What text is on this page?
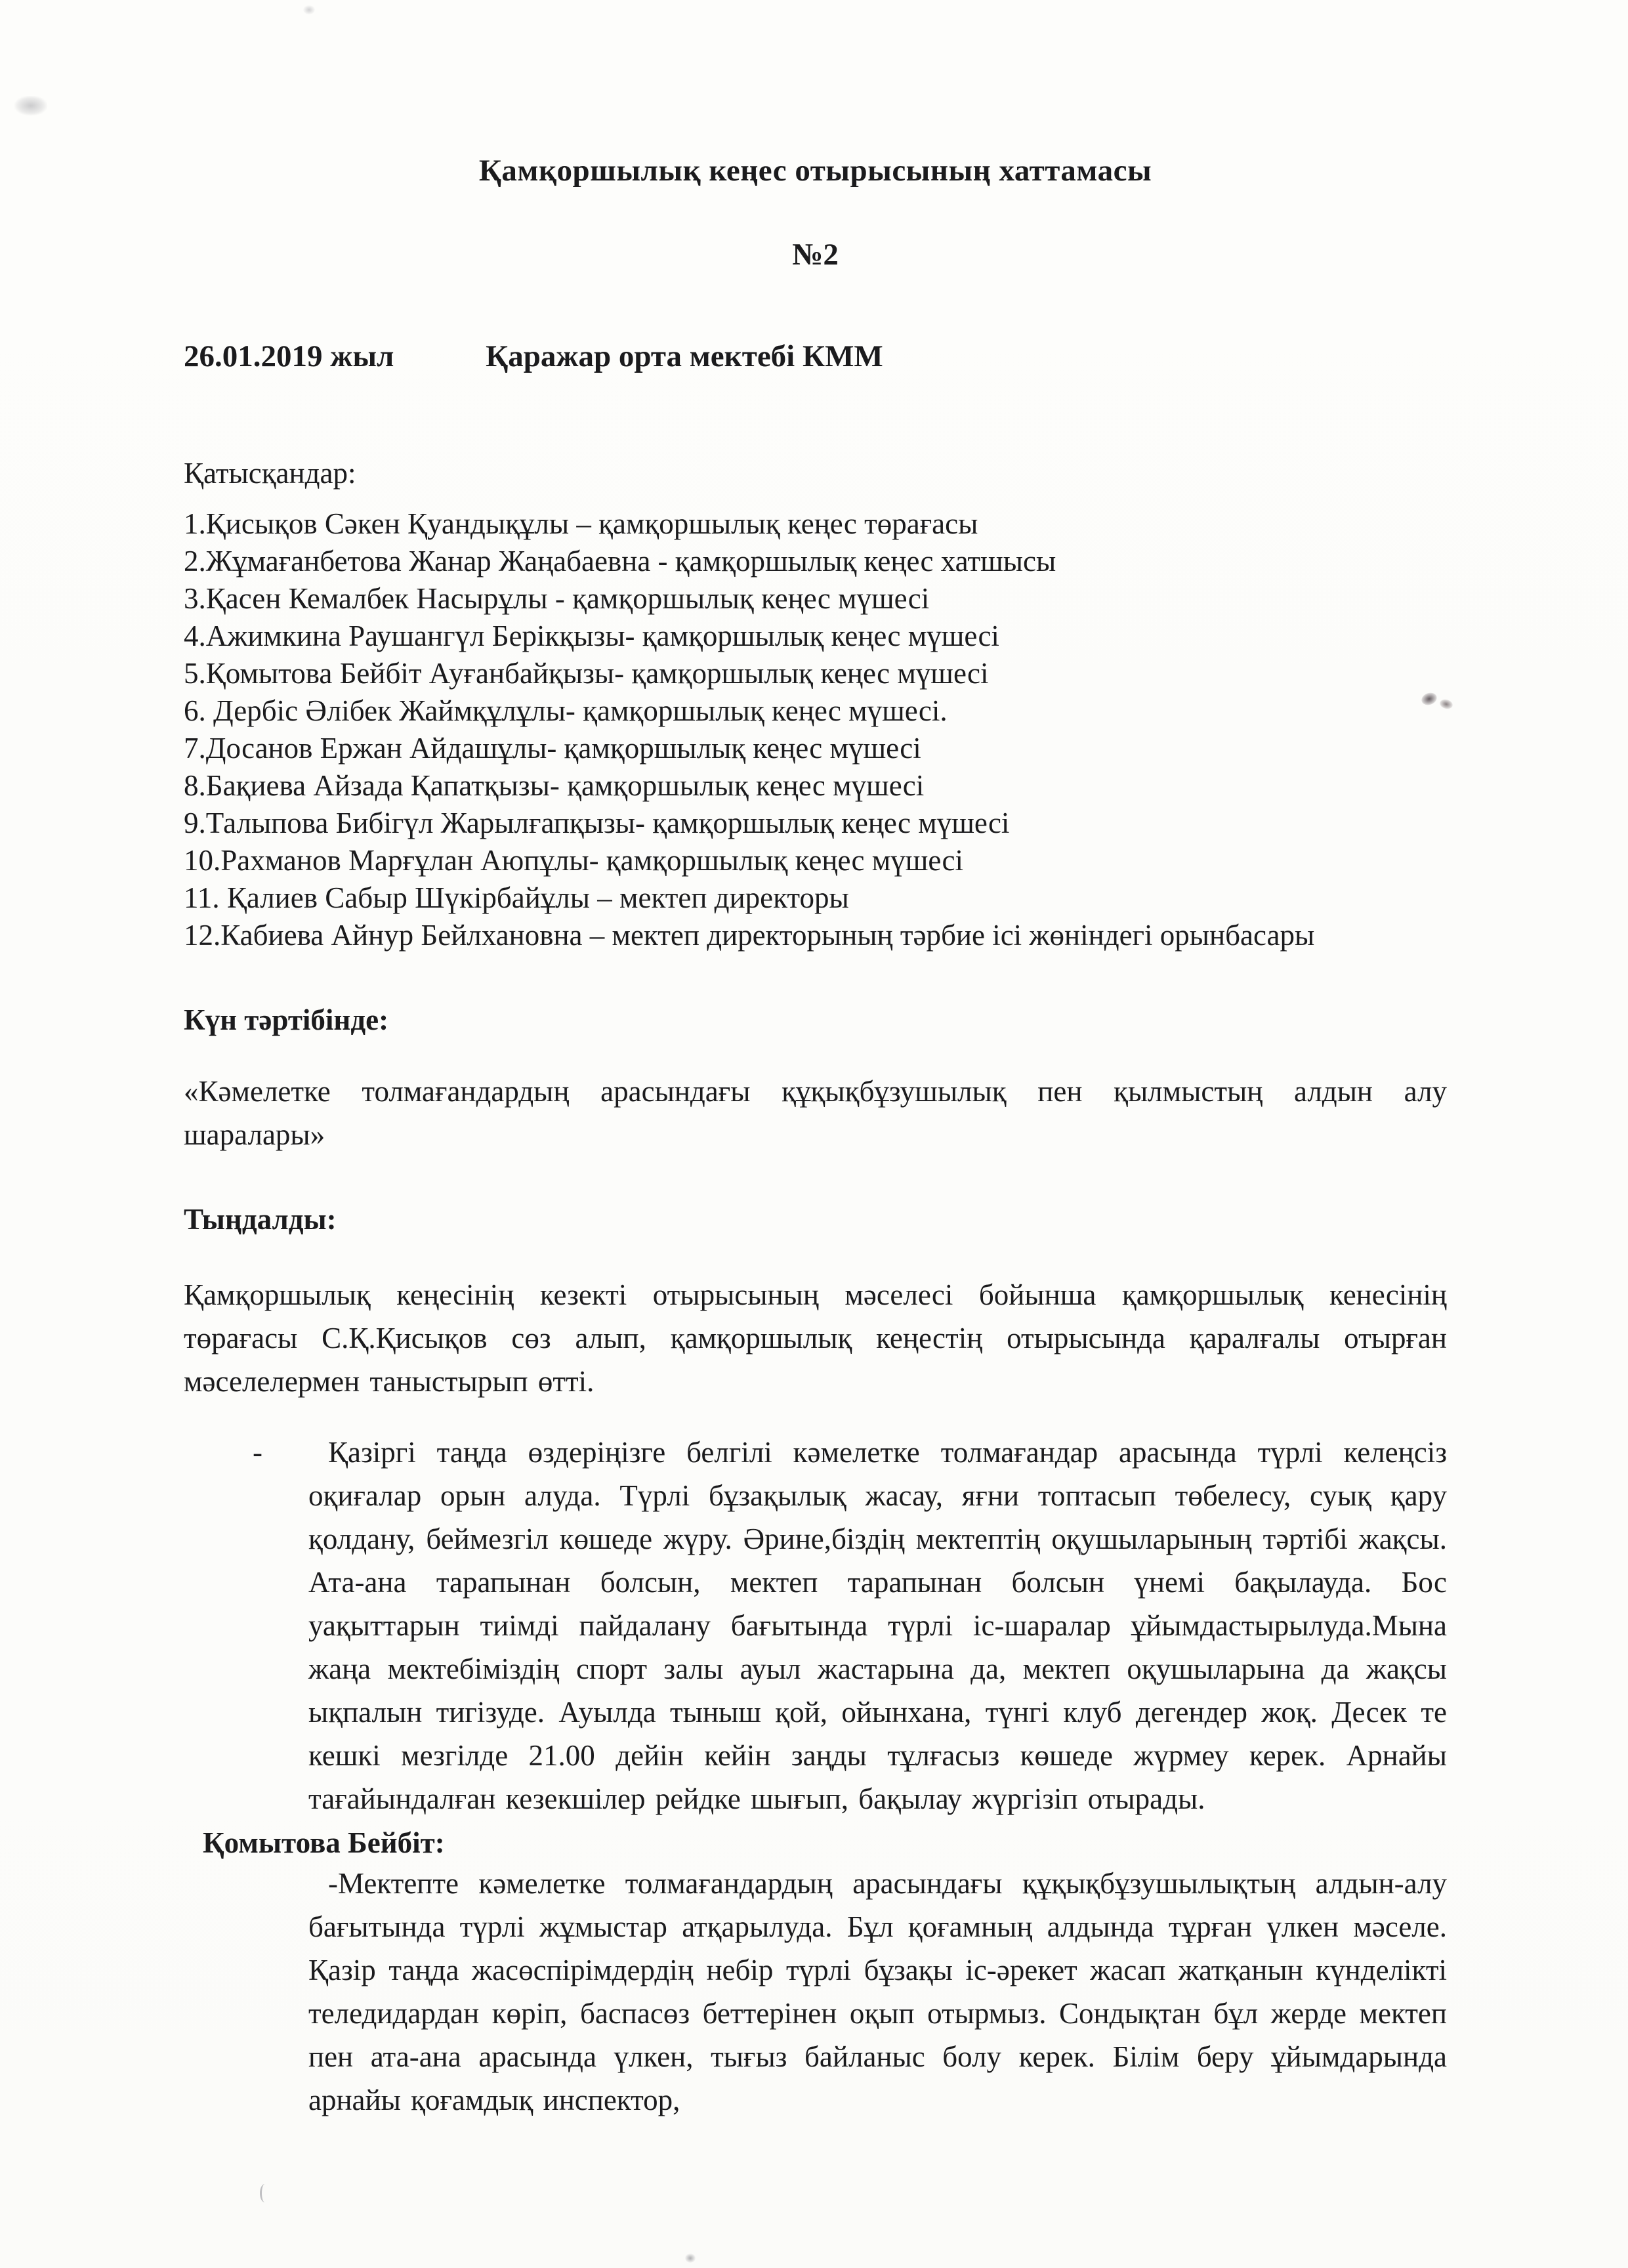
Қамқоршылық кеңес отырысының хаттамасы
№2
26.01.2019 жыл	Қаражар орта мектебі КММ
Қатысқандар:
1.Қисықов Сәкен Қуандықұлы – қамқоршылық кеңес төрағасы
2.Жұмағанбетова Жанар Жаңабаевна - қамқоршылық кеңес хатшысы
3.Қасен Кемалбек Насырұлы - қамқоршылық кеңес мүшесі
4.Ажимкина Раушангүл Берікқызы- қамқоршылық кеңес мүшесі
5.Қомытова Бейбіт Ауғанбайқызы- қамқоршылық кеңес мүшесі
6. Дербіс Әлібек Жаймқұлұлы- қамқоршылық кеңес мүшесі.
7.Досанов Ержан Айдашұлы- қамқоршылық кеңес мүшесі
8.Бақиева Айзада Қапатқызы- қамқоршылық кеңес мүшесі
9.Талыпова Бибігүл Жарылғапқызы- қамқоршылық кеңес мүшесі
10.Рахманов Марғұлан Аюпұлы- қамқоршылық кеңес мүшесі
11. Қалиев Сабыр Шүкірбайұлы – мектеп директоры
12.Кабиева Айнур Бейлхановна – мектеп директорының тәрбие ісі жөніндегі орынбасары
Күн тәртібінде:

«Кәмелетке толмағандардың арасындағы құқықбұзушылық пен қылмыстың алдын алу шаралары»

Тыңдалды:

Қамқоршылық кеңесінің кезекті отырысының мәселесі бойынша қамқоршылық кенесінің төрағасы С.Қ.Қисықов сөз алып, қамқоршылық кеңестің отырысында қаралғалы отырған мәселелермен таныстырып өтті.

-	Қазіргі таңда өздеріңізге белгілі кәмелетке толмағандар арасында түрлі келеңсіз оқиғалар орын алуда. Түрлі бұзақылық жасау, яғни топтасып төбелесу, суық қару қолдану, беймезгіл көшеде жүру. Әрине,біздің мектептің оқушыларының тәртібі жақсы. Ата-ана тарапынан болсын, мектеп тарапынан болсын үнемі бақылауда. Бос уақыттарын тиімді пайдалану бағытында түрлі іс-шаралар ұйымдастырылуда.Мына жаңа мектебіміздің спорт залы ауыл жастарына да, мектеп оқушыларына да жақсы ықпалын тигізуде. Ауылда тыныш қой, ойынхана, түнгі клуб дегендер жоқ. Десек те кешкі мезгілде 21.00 дейін кейін заңды тұлғасыз көшеде жүрмеу керек. Арнайы тағайындалған кезекшілер рейдке шығып, бақылау жүргізіп отырады.

Қомытова Бейбіт:

-Мектепте кәмелетке толмағандардың арасындағы құқықбұзушылықтың алдын-алу бағытында түрлі жұмыстар атқарылуда. Бұл қоғамның алдында тұрған үлкен мәселе. Қазір таңда жасөспірімдердің небір түрлі бұзақы іс-әрекет жасап жатқанын күнделікті теледидардан көріп, баспасөз беттерінен оқып отырмыз. Сондықтан бұл жерде мектеп пен ата-ана арасында үлкен, тығыз байланыс болу керек. Білім беру ұйымдарында арнайы қоғамдық инспектор,
